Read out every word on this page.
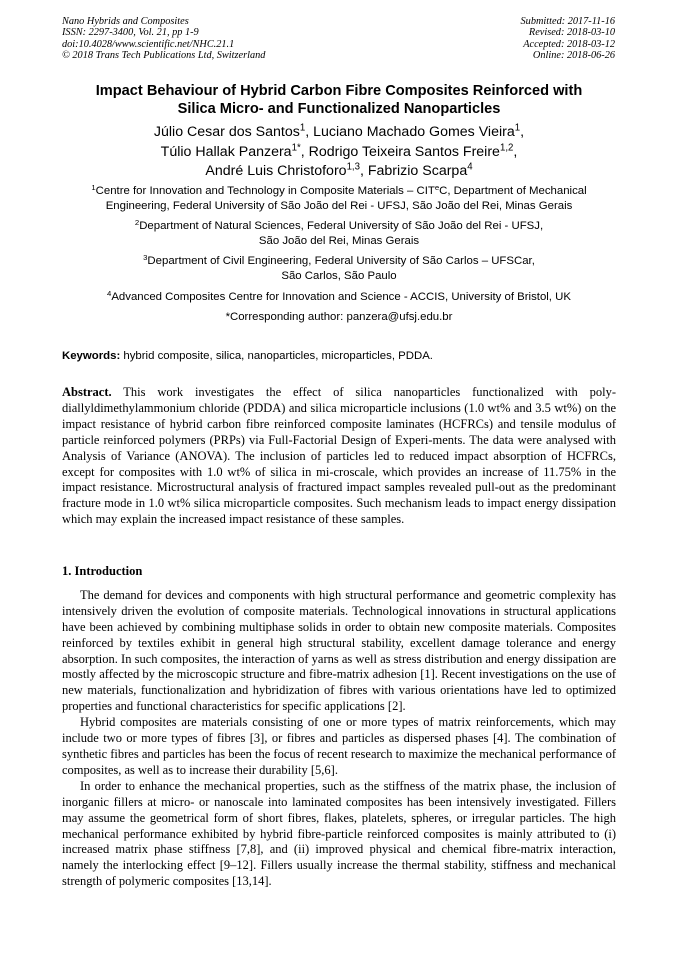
Nano Hybrids and Composites
ISSN: 2297-3400, Vol. 21, pp 1-9
doi:10.4028/www.scientific.net/NHC.21.1
© 2018 Trans Tech Publications Ltd, Switzerland
Submitted: 2017-11-16
Revised: 2018-03-10
Accepted: 2018-03-12
Online: 2018-06-26
Impact Behaviour of Hybrid Carbon Fibre Composites Reinforced with
Silica Micro- and Functionalized Nanoparticles
Júlio Cesar dos Santos$^1$, Luciano Machado Gomes Vieira$^1$,
Túlio Hallak Panzera$^{1*}$, Rodrigo Teixeira Santos Freire$^{1,2}$,
André Luis Christoforo$^{1,3}$, Fabrizio Scarpa$^4$
$^1$Centre for Innovation and Technology in Composite Materials – CIT$^e$C, Department of Mechanical
Engineering, Federal University of São João del Rei - UFSJ, São João del Rei, Minas Gerais
$^2$Department of Natural Sciences, Federal University of São João del Rei - UFSJ,
São João del Rei, Minas Gerais
$^3$Department of Civil Engineering, Federal University of São Carlos – UFSCar,
São Carlos, São Paulo
$^4$Advanced Composites Centre for Innovation and Science - ACCIS, University of Bristol, UK
*Corresponding author: panzera@ufsj.edu.br
Keywords: hybrid composite, silica, nanoparticles, microparticles, PDDA.
Abstract. This work investigates the effect of silica nanoparticles functionalized with poly-diallyldimethylammonium chloride (PDDA) and silica microparticle inclusions (1.0 wt% and 3.5 wt%) on the impact resistance of hybrid carbon fibre reinforced composite laminates (HCFRCs) and tensile modulus of particle reinforced polymers (PRPs) via Full-Factorial Design of Experi-ments. The data were analysed with Analysis of Variance (ANOVA). The inclusion of particles led to reduced impact absorption of HCFRCs, except for composites with 1.0 wt% of silica in mi-croscale, which provides an increase of 11.75% in the impact resistance. Microstructural analysis of fractured impact samples revealed pull-out as the predominant fracture mode in 1.0 wt% silica microparticle composites. Such mechanism leads to impact energy dissipation which may explain the increased impact resistance of these samples.
1. Introduction

The demand for devices and components with high structural performance and geometric complexity has intensively driven the evolution of composite materials. Technological innovations in structural applications have been achieved by combining multiphase solids in order to obtain new composite materials. Composites reinforced by textiles exhibit in general high structural stability, excellent damage tolerance and energy absorption. In such composites, the interaction of yarns as well as stress distribution and energy dissipation are mostly affected by the microscopic structure and fibre-matrix adhesion [1]. Recent investigations on the use of new materials, functionalization and hybridization of fibres with various orientations have led to optimized properties and functional characteristics for specific applications [2].

Hybrid composites are materials consisting of one or more types of matrix reinforcements, which may include two or more types of fibres [3], or fibres and particles as dispersed phases [4]. The combination of synthetic fibres and particles has been the focus of recent research to maximize the mechanical performance of composites, as well as to increase their durability [5,6].

In order to enhance the mechanical properties, such as the stiffness of the matrix phase, the inclusion of inorganic fillers at micro- or nanoscale into laminated composites has been intensively investigated. Fillers may assume the geometrical form of short fibres, flakes, platelets, spheres, or irregular particles. The high mechanical performance exhibited by hybrid fibre-particle reinforced composites is mainly attributed to (i) increased matrix phase stiffness [7,8], and (ii) improved physical and chemical fibre-matrix interaction, namely the interlocking effect [9–12]. Fillers usually increase the thermal stability, stiffness and mechanical strength of polymeric composites [13,14].
